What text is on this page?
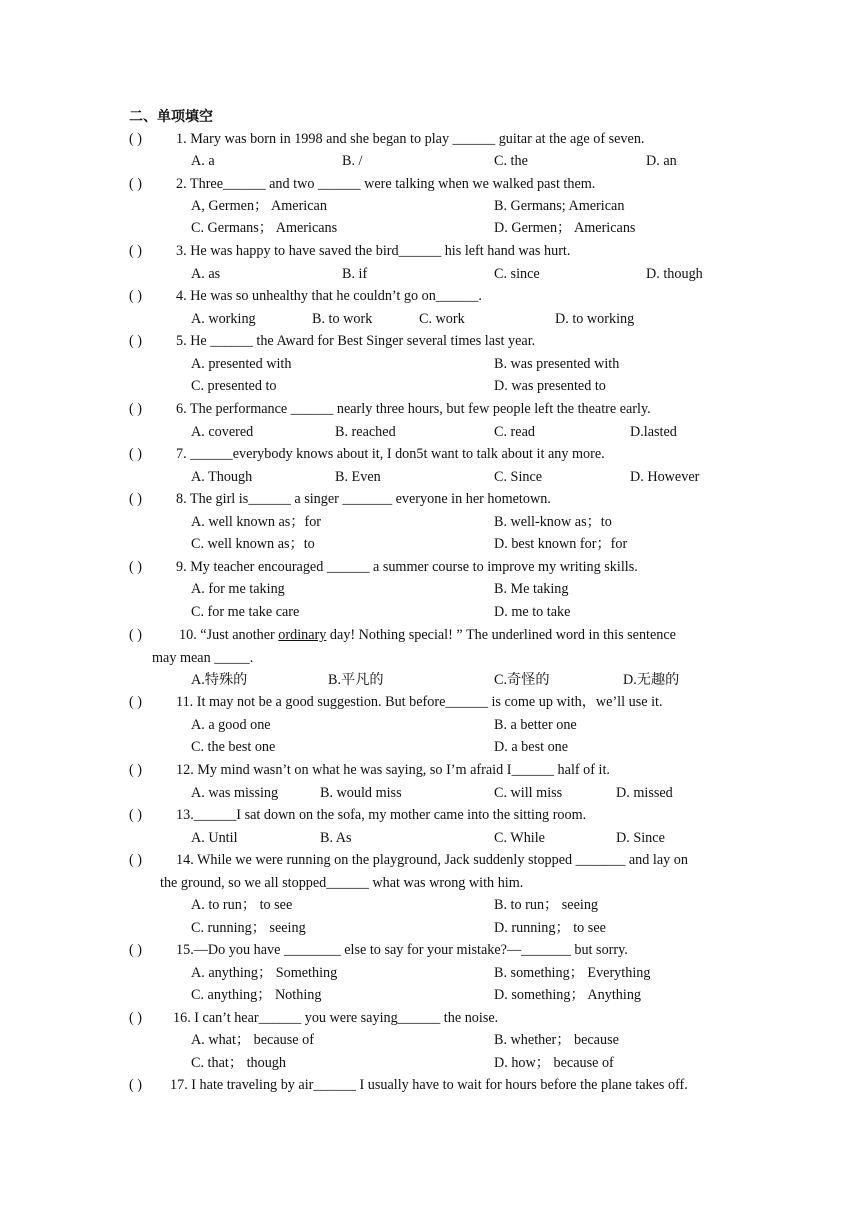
二、单项填空
( ) 1. Mary was born in 1998 and she began to play ______ guitar at the age of seven.
A. a	B. /	C. the	D. an
( ) 2. Three______ and two ______ were talking when we walked past them.
A, Germen； American	B. Germans; American
C. Germans； Americans	D. Germen； Americans
( ) 3. He was happy to have saved the bird______ his left hand was hurt.
A. as	B. if	C. since	D. though
( ) 4. He was so unhealthy that he couldn’t go on______.
A. working	B. to work	C. work	D. to working
( ) 5. He ______ the Award for Best Singer several times last year.
A. presented with	B. was presented with
C. presented to	D. was presented to
( ) 6. The performance ______ nearly three hours, but few people left the theatre early.
A. covered	B. reached	C. read	D.lasted
( ) 7. ______everybody knows about it, I don5t want to talk about it any more.
A. Though	B. Even	C. Since	D. However
( ) 8. The girl is______ a singer _______ everyone in her hometown.
A. well known as；for	B. well-know as；to
C. well known as；to	D. best known for；for
( ) 9. My teacher encouraged ______ a summer course to improve my writing skills.
A. for me taking	B. Me taking
C. for me take care	D. me to take
( )	10. “Just another ordinary day! Nothing special! ” The underlined word in this sentence
may mean _____.
A.特殊的	B.平凡的	C.奇怪的	D.无趣的
( ) 11. It may not be a good suggestion. But before______ is come up with，we’ll use it.
A. a good one	B. a better one
C. the best one	D. a best one
( ) 12. My mind wasn’t on what he was saying, so I’m afraid I______ half of it.
A. was missing	B. would miss	C. will miss	D. missed
( ) 13.______I sat down on the sofa, my mother came into the sitting room.
A. Until	B. As	C. While	D. Since
( ) 14. While we were running on the playground, Jack suddenly stopped _______ and lay on
the ground, so we all stopped______ what was wrong with him.
A. to run； to see	B. to run； seeing
C. running； seeing	D. running； to see
( ) 15.—Do you have ________ else to say for your mistake?—_______ but sorry.
A. anything； Something	B. something； Everything
C. anything； Nothing	D. something； Anything
( ) 16. I can’t hear______ you were saying______ the noise.
A. what； because of	B. whether； because
C. that； though	D. how； because of
( ) 17. I hate traveling by air______ I usually have to wait for hours before the plane takes off.
